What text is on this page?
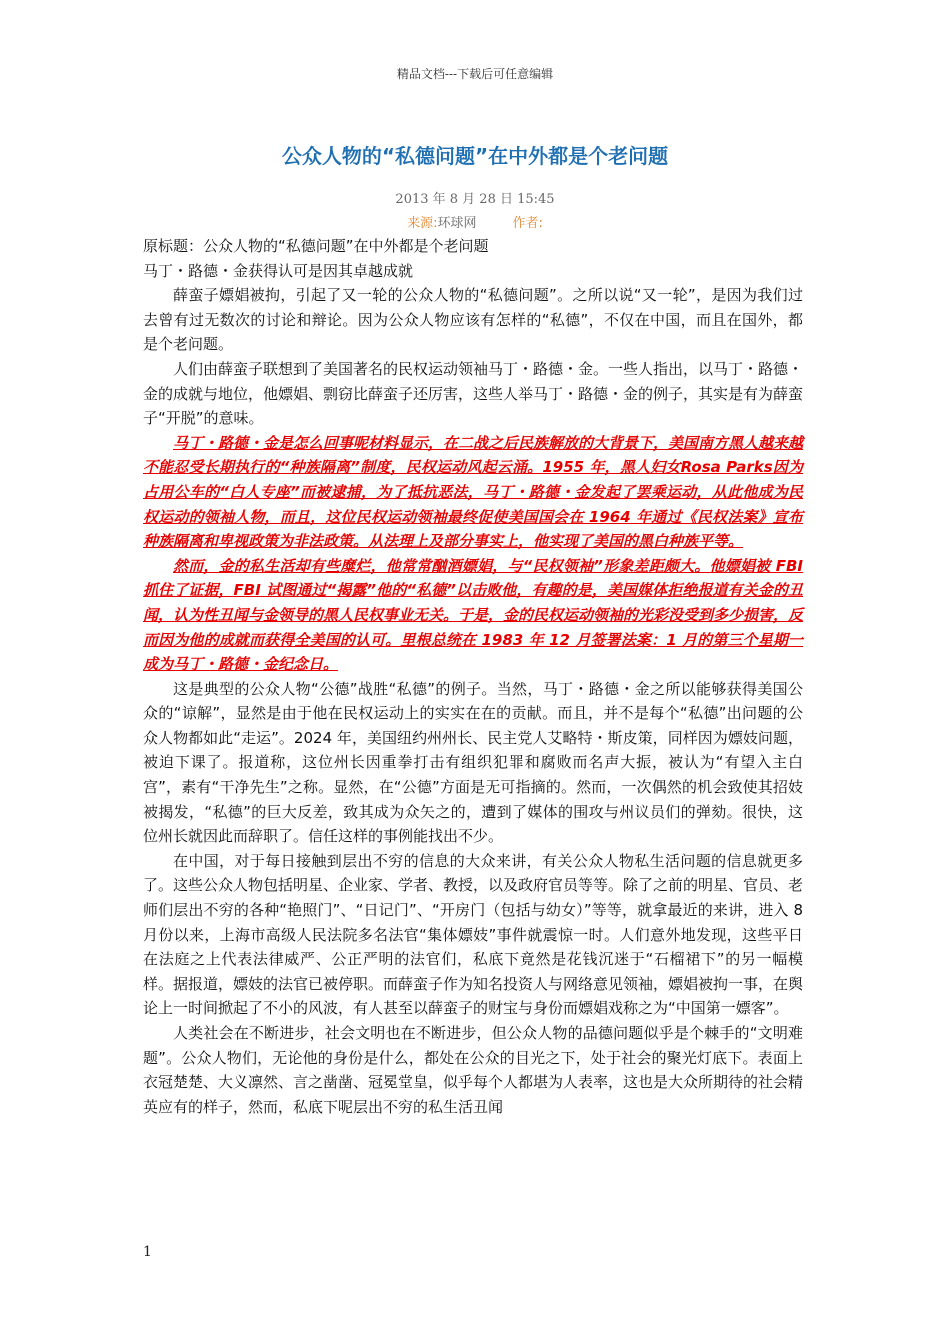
精品文档---下载后可任意编辑
公众人物的“私德问题”在中外都是个老问题
2013 年 8 月 28 日 15:45
来源:环球网	作者:

原标题：公众人物的“私德问题”在中外都是个老问题

马丁・路德・金获得认可是因其卓越成就

薛蛮子嫖娼被拘，引起了又一轮的公众人物的“私德问题”。之所以说“又一轮”，是因为我们过去曾有过无数次的讨论和辩论。因为公众人物应该有怎样的“私德”，不仅在中国，而且在国外，都是个老问题。

人们由薛蛮子联想到了美国著名的民权运动领袖马丁・路德・金。一些人指出，以马丁・路德・金的成就与地位，他嫖娼、剽窃比薛蛮子还厉害，这些人举马丁・路德・金的例子，其实是有为薛蛮子“开脱”的意味。

马丁・路德・金是怎么回事呢材料显示，在二战之后民族解放的大背景下，美国南方黑人越来越不能忍受长期执行的“种族隔离”制度，民权运动风起云涌。1955 年，黑人妇女Rosa Parks因为占用公车的“白人专座”而被逮捕，为了抵抗恶法，马丁・路德・金发起了罢乘运动，从此他成为民权运动的领袖人物，而且，这位民权运动领袖最终促使美国国会在 1964 年通过《民权法案》宣布种族隔离和卑视政策为非法政策。从法理上及部分事实上，他实现了美国的黑白种族平等。

然而，金的私生活却有些糜烂，他常常酗酒嫖娼，与“民权领袖”形象差距颇大。他嫖娼被 FBI 抓住了证据，FBI 试图通过“揭露”他的“私德”以击败他，有趣的是，美国媒体拒绝报道有关金的丑闻，认为性丑闻与金领导的黑人民权事业无关。于是，金的民权运动领袖的光彩没受到多少损害，反而因为他的成就而获得全美国的认可。里根总统在 1983 年 12 月签署法案：1 月的第三个星期一成为马丁・路德・金纪念日。

这是典型的公众人物“公德”战胜“私德”的例子。当然，马丁・路德・金之所以能够获得美国公众的“谅解”，显然是由于他在民权运动上的实实在在的贡献。而且，并不是每个“私德”出问题的公众人物都如此“走运”。2024 年，美国纽约州州长、民主党人艾略特・斯皮策，同样因为嫖妓问题，被迫下课了。报道称，这位州长因重拳打击有组织犯罪和腐败而名声大振，被认为“有望入主白宫”，素有“干净先生”之称。显然，在“公德”方面是无可指摘的。然而，一次偶然的机会致使其招妓被揭发，“私德”的巨大反差，致其成为众矢之的，遭到了媒体的围攻与州议员们的弹劾。很快，这位州长就因此而辞职了。信任这样的事例能找出不少。

在中国，对于每日接触到层出不穷的信息的大众来讲，有关公众人物私生活问题的信息就更多了。这些公众人物包括明星、企业家、学者、教授，以及政府官员等等。除了之前的明星、官员、老师们层出不穷的各种“艳照门”、“日记门”、“开房门（包括与幼女）”等等，就拿最近的来讲，进入 8 月份以来，上海市高级人民法院多名法官“集体嫖妓”事件就震惊一时。人们意外地发现，这些平日在法庭之上代表法律威严、公正严明的法官们，私底下竟然是花钱沉迷于“石榴裙下”的另一幅模样。据报道，嫖妓的法官已被停职。而薛蛮子作为知名投资人与网络意见领袖，嫖娼被拘一事，在舆论上一时间掀起了不小的风波，有人甚至以薛蛮子的财宝与身份而嫖娼戏称之为“中国第一嫖客”。

人类社会在不断进步，社会文明也在不断进步，但公众人物的品德问题似乎是个棘手的“文明难题”。公众人物们，无论他的身份是什么，都处在公众的目光之下，处于社会的聚光灯底下。表面上衣冠楚楚、大义凛然、言之凿凿、冠冕堂皇，似乎每个人都堪为人表率，这也是大众所期待的社会精英应有的样子，然而，私底下呢层出不穷的私生活丑闻

1
